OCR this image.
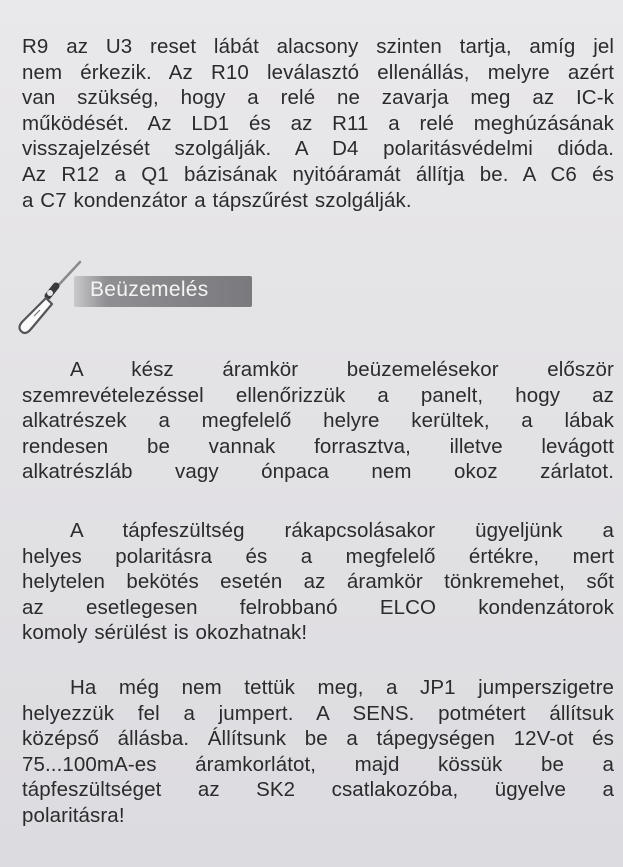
R9 az U3 reset lábát alacsony szinten tartja, amíg jel
nem érkezik. Az R10 leválasztó ellenállás, melyre azért
van szükség, hogy a relé ne zavarja meg az IC-k
működését. Az LD1 és az R11 a relé meghúzásának
visszajelzését szolgálják. A D4 polaritásvédelmi dióda.
Az R12 a Q1 bázisának nyitóáramát állítja be. A C6 és
a C7 kondenzátor a tápszűrést szolgálják.
Beüzemelés
A kész áramkör beüzemelésekor először
szemrevételezéssel ellenőrizzük a panelt, hogy az
alkatrészek a megfelelő helyre kerültek, a lábak
rendesen be vannak forrasztva, illetve levágott
alkatrészláb vagy ónpaca nem okoz zárlatot.
A tápfeszültség rákapcsolásakor ügyeljünk a
helyes polaritásra és a megfelelő értékre, mert
helytelen bekötés esetén az áramkör tönkremehet, sőt
az esetlegesen felrobbanó ELCO kondenzátorok
komoly sérülést is okozhatnak!
Ha még nem tettük meg, a JP1 jumperszigetre
helyezzük fel a jumpert. A SENS. potmétert állítsuk
középső állásba. Állítsunk be a tápegységen 12V-ot és
75...100mA-es áramkorlátot, majd kössük be a
tápfeszültséget az SK2 csatlakozóba, ügyelve a
polaritásra!
